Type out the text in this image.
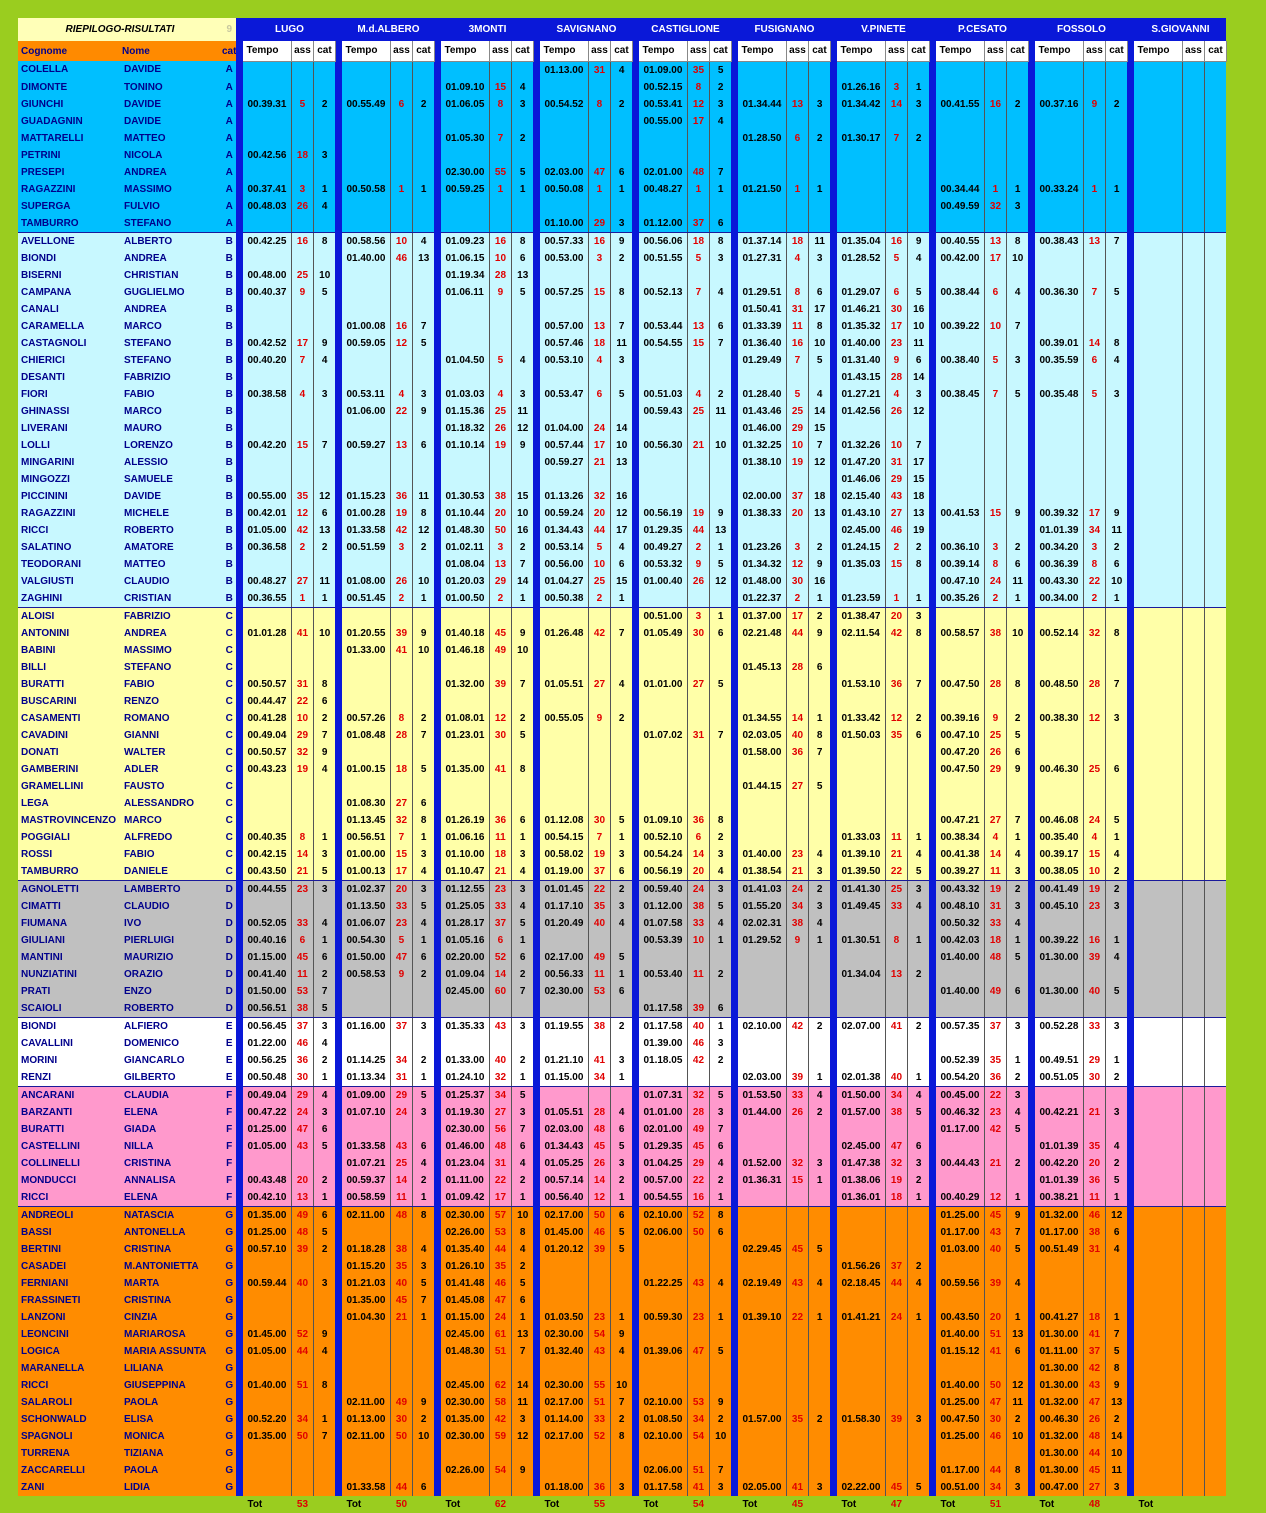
RIEPILOGO-RISULTATI		9		LUGO				M.d.ALBERO				3MONTI				SAVIGNANO				CASTIGLIONE				FUSIGNANO				V.PINETE				P.CESATO				FOSSOLO				S.GIOVANNI		
Cognome	Nome	cat		Tempo	ass	cat		Tempo	ass	cat		Tempo	ass	cat		Tempo	ass	cat		Tempo	ass	cat		Tempo	ass	cat		Tempo	ass	cat		Tempo	ass	cat		Tempo	ass	cat		Tempo	ass	cat
COLELLA	DAVIDE	A														01.13.00	31	4		01.09.00	35	5																				
DIMONTE	TONINO	A										01.09.10	15	4						00.52.15	8	2						01.26.16	3	1												
GIUNCHI	DAVIDE	A		00.39.31	5	2		00.55.49	6	2		01.06.05	8	3		00.54.52	8	2		00.53.41	12	3		01.34.44	13	3		01.34.42	14	3		00.41.55	16	2		00.37.16	9	2				
GUADAGNIN	DAVIDE	A																		00.55.00	17	4																				
MATTARELLI	MATTEO	A										01.05.30	7	2										01.28.50	6	2		01.30.17	7	2												
PETRINI	NICOLA	A		00.42.56	18	3																																				
PRESEPI	ANDREA	A										02.30.00	55	5		02.03.00	47	6		02.01.00	48	7																				
RAGAZZINI	MASSIMO	A		00.37.41	3	1		00.50.58	1	1		00.59.25	1	1		00.50.08	1	1		00.48.27	1	1		01.21.50	1	1						00.34.44	1	1		00.33.24	1	1				
SUPERGA	FULVIO	A		00.48.03	26	4																										00.49.59	32	3								
TAMBURRO	STEFANO	A														01.10.00	29	3		01.12.00	37	6																				
AVELLONE	ALBERTO	B		00.42.25	16	8		00.58.56	10	4		01.09.23	16	8		00.57.33	16	9		00.56.06	18	8		01.37.14	18	11		01.35.04	16	9		00.40.55	13	8		00.38.43	13	7				
BIONDI	ANDREA	B						01.40.00	46	13		01.06.15	10	6		00.53.00	3	2		00.51.55	5	3		01.27.31	4	3		01.28.52	5	4		00.42.00	17	10								
BISERNI	CHRISTIAN	B		00.48.00	25	10						01.19.34	28	13																												
CAMPANA	GUGLIELMO	B		00.40.37	9	5						01.06.11	9	5		00.57.25	15	8		00.52.13	7	4		01.29.51	8	6		01.29.07	6	5		00.38.44	6	4		00.36.30	7	5				
CANALI	ANDREA	B																						01.50.41	31	17		01.46.21	30	16												
CARAMELLA	MARCO	B						01.00.08	16	7						00.57.00	13	7		00.53.44	13	6		01.33.39	11	8		01.35.32	17	10		00.39.22	10	7								
CASTAGNOLI	STEFANO	B		00.42.52	17	9		00.59.05	12	5						00.57.46	18	11		00.54.55	15	7		01.36.40	16	10		01.40.00	23	11						00.39.01	14	8				
CHIERICI	STEFANO	B		00.40.20	7	4						01.04.50	5	4		00.53.10	4	3						01.29.49	7	5		01.31.40	9	6		00.38.40	5	3		00.35.59	6	4				
DESANTI	FABRIZIO	B																										01.43.15	28	14												
FIORI	FABIO	B		00.38.58	4	3		00.53.11	4	3		01.03.03	4	3		00.53.47	6	5		00.51.03	4	2		01.28.40	5	4		01.27.21	4	3		00.38.45	7	5		00.35.48	5	3				
GHINASSI	MARCO	B						01.06.00	22	9		01.15.36	25	11						00.59.43	25	11		01.43.46	25	14		01.42.56	26	12												
LIVERANI	MAURO	B										01.18.32	26	12		01.04.00	24	14						01.46.00	29	15																
LOLLI	LORENZO	B		00.42.20	15	7		00.59.27	13	6		01.10.14	19	9		00.57.44	17	10		00.56.30	21	10		01.32.25	10	7		01.32.26	10	7												
MINGARINI	ALESSIO	B														00.59.27	21	13						01.38.10	19	12		01.47.20	31	17												
MINGOZZI	SAMUELE	B																										01.46.06	29	15												
PICCININI	DAVIDE	B		00.55.00	35	12		01.15.23	36	11		01.30.53	38	15		01.13.26	32	16						02.00.00	37	18		02.15.40	43	18												
RAGAZZINI	MICHELE	B		00.42.01	12	6		01.00.28	19	8		01.10.44	20	10		00.59.24	20	12		00.56.19	19	9		01.38.33	20	13		01.43.10	27	13		00.41.53	15	9		00.39.32	17	9				
RICCI	ROBERTO	B		01.05.00	42	13		01.33.58	42	12		01.48.30	50	16		01.34.43	44	17		01.29.35	44	13						02.45.00	46	19						01.01.39	34	11				
SALATINO	AMATORE	B		00.36.58	2	2		00.51.59	3	2		01.02.11	3	2		00.53.14	5	4		00.49.27	2	1		01.23.26	3	2		01.24.15	2	2		00.36.10	3	2		00.34.20	3	2				
TEODORANI	MATTEO	B										01.08.04	13	7		00.56.00	10	6		00.53.32	9	5		01.34.32	12	9		01.35.03	15	8		00.39.14	8	6		00.36.39	8	6				
VALGIUSTI	CLAUDIO	B		00.48.27	27	11		01.08.00	26	10		01.20.03	29	14		01.04.27	25	15		01.00.40	26	12		01.48.00	30	16						00.47.10	24	11		00.43.30	22	10				
ZAGHINI	CRISTIAN	B		00.36.55	1	1		00.51.45	2	1		01.00.50	2	1		00.50.38	2	1						01.22.37	2	1		01.23.59	1	1		00.35.26	2	1		00.34.00	2	1				
ALOISI	FABRIZIO	C																		00.51.00	3	1		01.37.00	17	2		01.38.47	20	3												
ANTONINI	ANDREA	C		01.01.28	41	10		01.20.55	39	9		01.40.18	45	9		01.26.48	42	7		01.05.49	30	6		02.21.48	44	9		02.11.54	42	8		00.58.57	38	10		00.52.14	32	8				
BABINI	MASSIMO	C						01.33.00	41	10		01.46.18	49	10																												
BILLI	STEFANO	C																						01.45.13	28	6																
BURATTI	FABIO	C		00.50.57	31	8						01.32.00	39	7		01.05.51	27	4		01.01.00	27	5						01.53.10	36	7		00.47.50	28	8		00.48.50	28	7				
BUSCARINI	RENZO	C		00.44.47	22	6																																				
CASAMENTI	ROMANO	C		00.41.28	10	2		00.57.26	8	2		01.08.01	12	2		00.55.05	9	2						01.34.55	14	1		01.33.42	12	2		00.39.16	9	2		00.38.30	12	3				
CAVADINI	GIANNI	C		00.49.04	29	7		01.08.48	28	7		01.23.01	30	5						01.07.02	31	7		02.03.05	40	8		01.50.03	35	6		00.47.10	25	5								
DONATI	WALTER	C		00.50.57	32	9																		01.58.00	36	7						00.47.20	26	6								
GAMBERINI	ADLER	C		00.43.23	19	4		01.00.15	18	5		01.35.00	41	8																		00.47.50	29	9		00.46.30	25	6				
GRAMELLINI	FAUSTO	C																						01.44.15	27	5																
LEGA	ALESSANDRO	C						01.08.30	27	6																																
MASTROVINCENZO	MARCO	C						01.13.45	32	8		01.26.19	36	6		01.12.08	30	5		01.09.10	36	8										00.47.21	27	7		00.46.08	24	5				
POGGIALI	ALFREDO	C		00.40.35	8	1		00.56.51	7	1		01.06.16	11	1		00.54.15	7	1		00.52.10	6	2						01.33.03	11	1		00.38.34	4	1		00.35.40	4	1				
ROSSI	FABIO	C		00.42.15	14	3		01.00.00	15	3		01.10.00	18	3		00.58.02	19	3		00.54.24	14	3		01.40.00	23	4		01.39.10	21	4		00.41.38	14	4		00.39.17	15	4				
TAMBURRO	DANIELE	C		00.43.50	21	5		01.00.13	17	4		01.10.47	21	4		01.19.00	37	6		00.56.19	20	4		01.38.54	21	3		01.39.50	22	5		00.39.27	11	3		00.38.05	10	2				
AGNOLETTI	LAMBERTO	D		00.44.55	23	3		01.02.37	20	3		01.12.55	23	3		01.01.45	22	2		00.59.40	24	3		01.41.03	24	2		01.41.30	25	3		00.43.32	19	2		00.41.49	19	2				
CIMATTI	CLAUDIO	D						01.13.50	33	5		01.25.05	33	4		01.17.10	35	3		01.12.00	38	5		01.55.20	34	3		01.49.45	33	4		00.48.10	31	3		00.45.10	23	3				
FIUMANA	IVO	D		00.52.05	33	4		01.06.07	23	4		01.28.17	37	5		01.20.49	40	4		01.07.58	33	4		02.02.31	38	4						00.50.32	33	4								
GIULIANI	PIERLUIGI	D		00.40.16	6	1		00.54.30	5	1		01.05.16	6	1						00.53.39	10	1		01.29.52	9	1		01.30.51	8	1		00.42.03	18	1		00.39.22	16	1				
MANTINI	MAURIZIO	D		01.15.00	45	6		01.50.00	47	6		02.20.00	52	6		02.17.00	49	5														01.40.00	48	5		01.30.00	39	4				
NUNZIATINI	ORAZIO	D		00.41.40	11	2		00.58.53	9	2		01.09.04	14	2		00.56.33	11	1		00.53.40	11	2						01.34.04	13	2												
PRATI	ENZO	D		01.50.00	53	7						02.45.00	60	7		02.30.00	53	6														01.40.00	49	6		01.30.00	40	5				
SCAIOLI	ROBERTO	D		00.56.51	38	5														01.17.58	39	6																				
BIONDI	ALFIERO	E		00.56.45	37	3		01.16.00	37	3		01.35.33	43	3		01.19.55	38	2		01.17.58	40	1		02.10.00	42	2		02.07.00	41	2		00.57.35	37	3		00.52.28	33	3				
CAVALLINI	DOMENICO	E		01.22.00	46	4														01.39.00	46	3																				
MORINI	GIANCARLO	E		00.56.25	36	2		01.14.25	34	2		01.33.00	40	2		01.21.10	41	3		01.18.05	42	2										00.52.39	35	1		00.49.51	29	1				
RENZI	GILBERTO	E		00.50.48	30	1		01.13.34	31	1		01.24.10	32	1		01.15.00	34	1						02.03.00	39	1		02.01.38	40	1		00.54.20	36	2		00.51.05	30	2				
ANCARANI	CLAUDIA	F		00.49.04	29	4		01.09.00	29	5		01.25.37	34	5						01.07.31	32	5		01.53.50	33	4		01.50.00	34	4		00.45.00	22	3								
BARZANTI	ELENA	F		00.47.22	24	3		01.07.10	24	3		01.19.30	27	3		01.05.51	28	4		01.01.00	28	3		01.44.00	26	2		01.57.00	38	5		00.46.32	23	4		00.42.21	21	3				
BURATTI	GIADA	F		01.25.00	47	6						02.30.00	56	7		02.03.00	48	6		02.01.00	49	7										01.17.00	42	5								
CASTELLINI	NILLA	F		01.05.00	43	5		01.33.58	43	6		01.46.00	48	6		01.34.43	45	5		01.29.35	45	6						02.45.00	47	6						01.01.39	35	4				
COLLINELLI	CRISTINA	F						01.07.21	25	4		01.23.04	31	4		01.05.25	26	3		01.04.25	29	4		01.52.00	32	3		01.47.38	32	3		00.44.43	21	2		00.42.20	20	2				
MONDUCCI	ANNALISA	F		00.43.48	20	2		00.59.37	14	2		01.11.00	22	2		00.57.14	14	2		00.57.00	22	2		01.36.31	15	1		01.38.06	19	2						01.01.39	36	5				
RICCI	ELENA	F		00.42.10	13	1		00.58.59	11	1		01.09.42	17	1		00.56.40	12	1		00.54.55	16	1						01.36.01	18	1		00.40.29	12	1		00.38.21	11	1				
ANDREOLI	NATASCIA	G		01.35.00	49	6		02.11.00	48	8		02.30.00	57	10		02.17.00	50	6		02.10.00	52	8										01.25.00	45	9		01.32.00	46	12				
BASSI	ANTONELLA	G		01.25.00	48	5						02.26.00	53	8		01.45.00	46	5		02.06.00	50	6										01.17.00	43	7		01.17.00	38	6				
BERTINI	CRISTINA	G		00.57.10	39	2		01.18.28	38	4		01.35.40	44	4		01.20.12	39	5						02.29.45	45	5						01.03.00	40	5		00.51.49	31	4				
CASADEI	M.ANTONIETTA	G						01.15.20	35	3		01.26.10	35	2														01.56.26	37	2												
FERNIANI	MARTA	G		00.59.44	40	3		01.21.03	40	5		01.41.48	46	5						01.22.25	43	4		02.19.49	43	4		02.18.45	44	4		00.59.56	39	4								
FRASSINETI	CRISTINA	G						01.35.00	45	7		01.45.08	47	6																												
LANZONI	CINZIA	G						01.04.30	21	1		01.15.00	24	1		01.03.50	23	1		00.59.30	23	1		01.39.10	22	1		01.41.21	24	1		00.43.50	20	1		00.41.27	18	1				
LEONCINI	MARIAROSA	G		01.45.00	52	9						02.45.00	61	13		02.30.00	54	9														01.40.00	51	13		01.30.00	41	7				
LOGICA	MARIA ASSUNTA	G		01.05.00	44	4						01.48.30	51	7		01.32.40	43	4		01.39.06	47	5										01.15.12	41	6		01.11.00	37	5				
MARANELLA	LILIANA	G																																		01.30.00	42	8				
RICCI	GIUSEPPINA	G		01.40.00	51	8						02.45.00	62	14		02.30.00	55	10														01.40.00	50	12		01.30.00	43	9				
SALAROLI	PAOLA	G						02.11.00	49	9		02.30.00	58	11		02.17.00	51	7		02.10.00	53	9										01.25.00	47	11		01.32.00	47	13				
SCHONWALD	ELISA	G		00.52.20	34	1		01.13.00	30	2		01.35.00	42	3		01.14.00	33	2		01.08.50	34	2		01.57.00	35	2		01.58.30	39	3		00.47.50	30	2		00.46.30	26	2				
SPAGNOLI	MONICA	G		01.35.00	50	7		02.11.00	50	10		02.30.00	59	12		02.17.00	52	8		02.10.00	54	10										01.25.00	46	10		01.32.00	48	14				
TURRENA	TIZIANA	G																																		01.30.00	44	10				
ZACCARELLI	PAOLA	G										02.26.00	54	9						02.06.00	51	7										01.17.00	44	8		01.30.00	45	11				
ZANI	LIDIA	G						01.33.58	44	6						01.18.00	36	3		01.17.58	41	3		02.05.00	41	3		02.22.00	45	5		00.51.00	34	3		00.47.00	27	3				
				Tot	53			Tot	50			Tot	62			Tot	55			Tot	54			Tot	45			Tot	47			Tot	51			Tot	48			Tot		
